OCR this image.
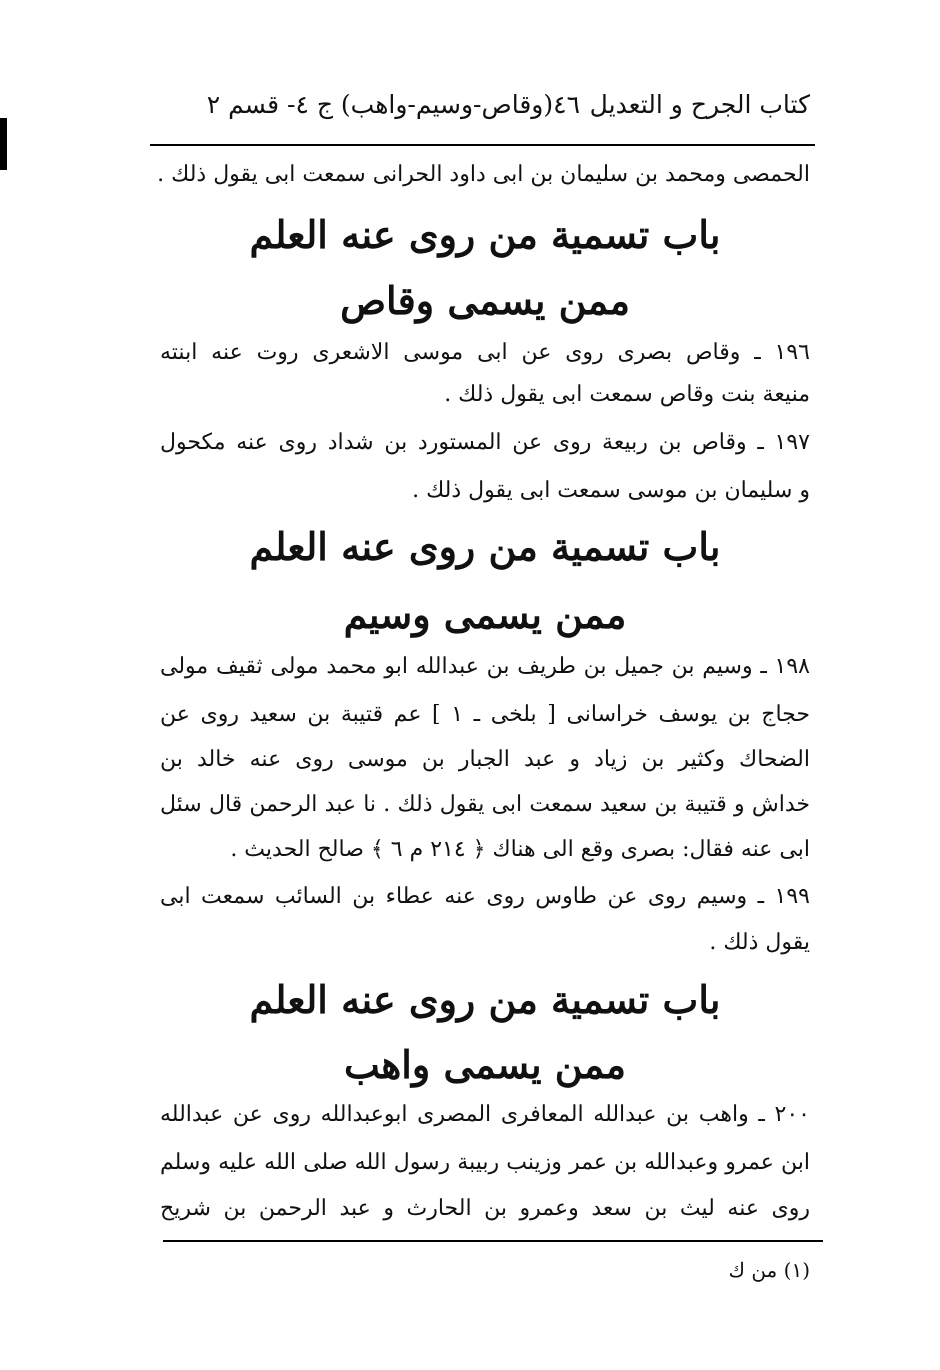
كتاب الجرح و التعديل
٤٦(وقاص-وسيم-واهب) ج ٤- قسم ٢
الحمصى ومحمد بن سليمان بن ابى داود الحرانى سمعت ابى يقول ذلك .
باب تسمية من روى عنه العلم
ممن يسمى وقاص
١٩٦ ـ وقاص بصرى روى عن ابى موسى الاشعرى روت عنه ابنته
منيعة بنت وقاص سمعت ابى يقول ذلك .
١٩٧ ـ وقاص بن ربيعة روى عن المستورد بن شداد روى عنه مكحول
و سليمان بن موسى سمعت ابى يقول ذلك .
باب تسمية من روى عنه العلم
ممن يسمى وسيم
١٩٨ ـ وسيم بن جميل بن طريف بن عبدالله ابو محمد مولى ثقيف مولى
حجاج بن يوسف خراسانى [ بلخى ـ ١ ] عم قتيبة بن سعيد روى عن
الضحاك وكثير بن زياد و عبد الجبار بن موسى روى عنه خالد بن
خداش و قتيبة بن سعيد سمعت ابى يقول ذلك . نا عبد الرحمن قال سئل
ابى عنه فقال: بصرى وقع الى هناك ﴿ ٢١٤ م ٦ ﴾ صالح الحديث .
١٩٩ ـ وسيم روى عن طاوس روى عنه عطاء بن السائب سمعت ابى
يقول ذلك .
باب تسمية من روى عنه العلم
ممن يسمى واهب
٢٠٠ ـ واهب بن عبدالله المعافرى المصرى ابوعبدالله روى عن عبدالله
ابن عمرو وعبدالله بن عمر وزينب ربيبة رسول الله صلى الله عليه وسلم
روى عنه ليث بن سعد وعمرو بن الحارث و عبد الرحمن بن شريح
(١) من ك
